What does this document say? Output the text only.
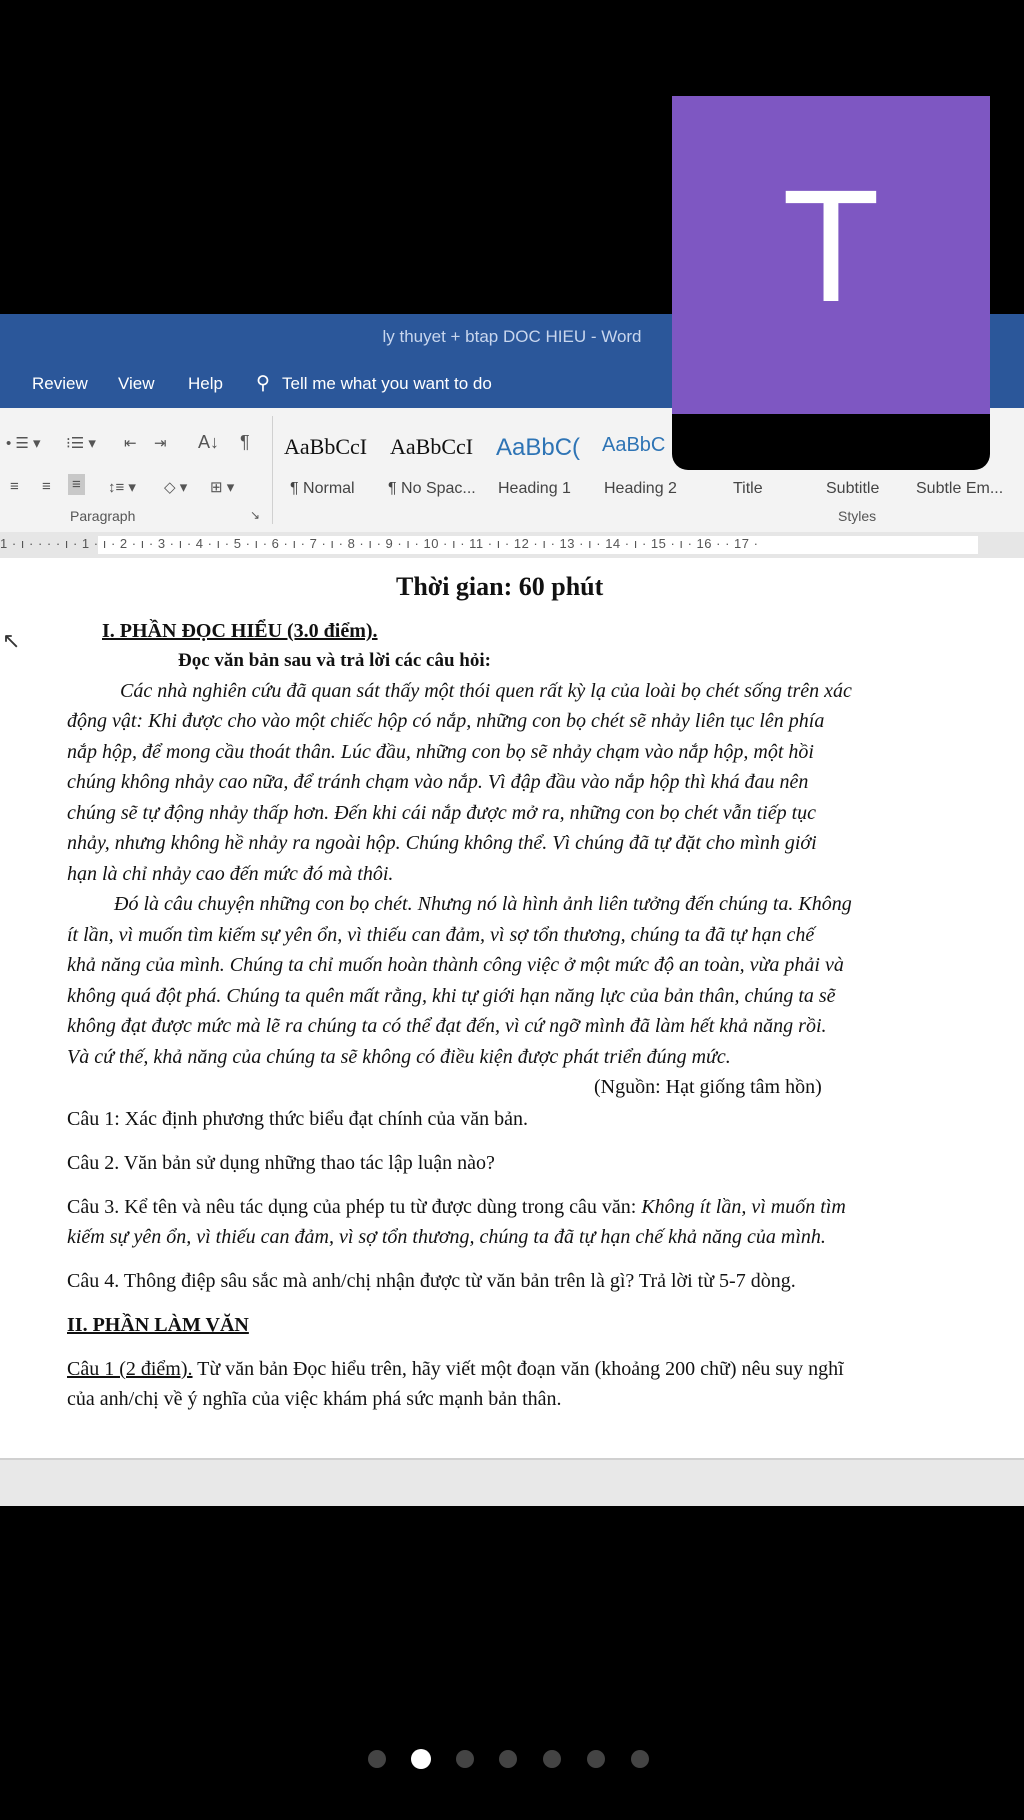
ly thuyet + btap DOC HIEU - Word
Review View Help ⚲ Tell me what you want to do
• ☰ ▾ ⁝☰ ▾ ⇤ ⇥ A↓ ¶
≡ ≡ ≡ ↕≡ ▾ ◇ ▾ ⊞ ▾
AaBbCcI
¶ Normal
AaBbCcI
¶ No Spac...
AaBbC(
Heading 1
AaBbC
Heading 2	Title	Subtitle Subtle Em...
Paragraph	↘	Styles
1 · ı · · · · ı · 1 · ı · 2 · ı · 3 · ı · 4 · ı · 5 · ı · 6 · ı · 7 · ı · 8 · ı · 9 · ı · 10 · ı · 11 · ı · 12 · ı · 13 · ı · 14 · ı · 15 · ı · 16 · · 17 ·
Thời gian: 60 phút
I. PHẦN ĐỌC HIỂU (3.0 điểm).
Đọc văn bản sau và trả lời các câu hỏi:
Các nhà nghiên cứu đã quan sát thấy một thói quen rất kỳ lạ của loài bọ chét sống trên xác
động vật: Khi được cho vào một chiếc hộp có nắp, những con bọ chét sẽ nhảy liên tục lên phía
nắp hộp, để mong cầu thoát thân. Lúc đầu, những con bọ sẽ nhảy chạm vào nắp hộp, một hồi
chúng không nhảy cao nữa, để tránh chạm vào nắp. Vì đập đầu vào nắp hộp thì khá đau nên
chúng sẽ tự động nhảy thấp hơn. Đến khi cái nắp được mở ra, những con bọ chét vẫn tiếp tục
nhảy, nhưng không hề nhảy ra ngoài hộp. Chúng không thể. Vì chúng đã tự đặt cho mình giới
hạn là chỉ nhảy cao đến mức đó mà thôi.
Đó là câu chuyện những con bọ chét. Nhưng nó là hình ảnh liên tưởng đến chúng ta. Không
ít lần, vì muốn tìm kiếm sự yên ổn, vì thiếu can đảm, vì sợ tổn thương, chúng ta đã tự hạn chế
khả năng của mình. Chúng ta chỉ muốn hoàn thành công việc ở một mức độ an toàn, vừa phải và
không quá đột phá. Chúng ta quên mất rằng, khi tự giới hạn năng lực của bản thân, chúng ta sẽ
không đạt được mức mà lẽ ra chúng ta có thể đạt đến, vì cứ ngỡ mình đã làm hết khả năng rồi.
Và cứ thế, khả năng của chúng ta sẽ không có điều kiện được phát triển đúng mức.
(Nguồn: Hạt giống tâm hồn)
Câu 1: Xác định phương thức biểu đạt chính của văn bản.
Câu 2. Văn bản sử dụng những thao tác lập luận nào?
Câu 3. Kể tên và nêu tác dụng của phép tu từ được dùng trong câu văn: Không ít lần, vì muốn tìm
kiếm sự yên ổn, vì thiếu can đảm, vì sợ tổn thương, chúng ta đã tự hạn chế khả năng của mình.
Câu 4. Thông điệp sâu sắc mà anh/chị nhận được từ văn bản trên là gì? Trả lời từ 5-7 dòng.
II. PHẦN LÀM VĂN
Câu 1 (2 điểm). Từ văn bản Đọc hiểu trên, hãy viết một đoạn văn (khoảng 200 chữ) nêu suy nghĩ
của anh/chị về ý nghĩa của việc khám phá sức mạnh bản thân.
↖
T
